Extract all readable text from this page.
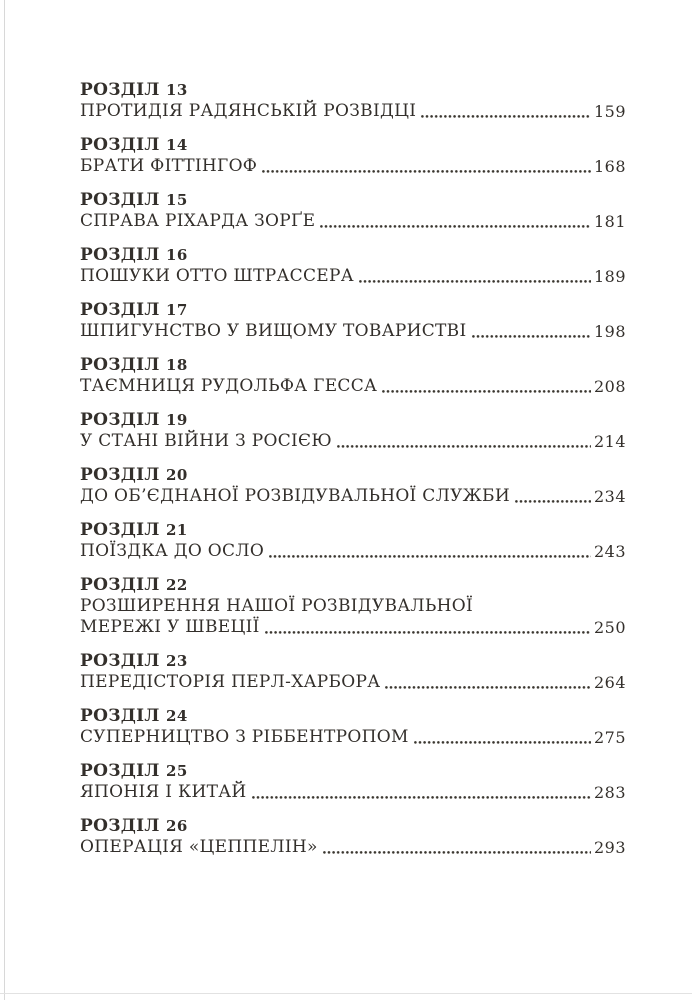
РОЗДІЛ 13
ПРОТИДІЯ РАДЯНСЬКІЙ РОЗВІДЦІ	159
РОЗДІЛ 14
БРАТИ ФІТТІНГОФ	168
РОЗДІЛ 15
СПРАВА РІХАРДА ЗОРҐЕ	181
РОЗДІЛ 16
ПОШУКИ ОТТО ШТРАССЕРА	189
РОЗДІЛ 17
ШПИГУНСТВО У ВИЩОМУ ТОВАРИСТВІ	198
РОЗДІЛ 18
ТАЄМНИЦЯ РУДОЛЬФА ГЕССА	208
РОЗДІЛ 19
У СТАНІ ВІЙНИ З РОСІЄЮ	214
РОЗДІЛ 20
ДО ОБ’ЄДНАНОЇ РОЗВІДУВАЛЬНОЇ СЛУЖБИ	234
РОЗДІЛ 21
ПОЇЗДКА ДО ОСЛО	243
РОЗДІЛ 22
РОЗШИРЕННЯ НАШОЇ РОЗВІДУВАЛЬНОЇ
МЕРЕЖІ У ШВЕЦІЇ	250
РОЗДІЛ 23
ПЕРЕДІСТОРІЯ ПЕРЛ-ХАРБОРА	264
РОЗДІЛ 24
СУПЕРНИЦТВО З РІББЕНТРОПОМ	275
РОЗДІЛ 25
ЯПОНІЯ І КИТАЙ	283
РОЗДІЛ 26
ОПЕРАЦІЯ «ЦЕППЕЛІН»	293
